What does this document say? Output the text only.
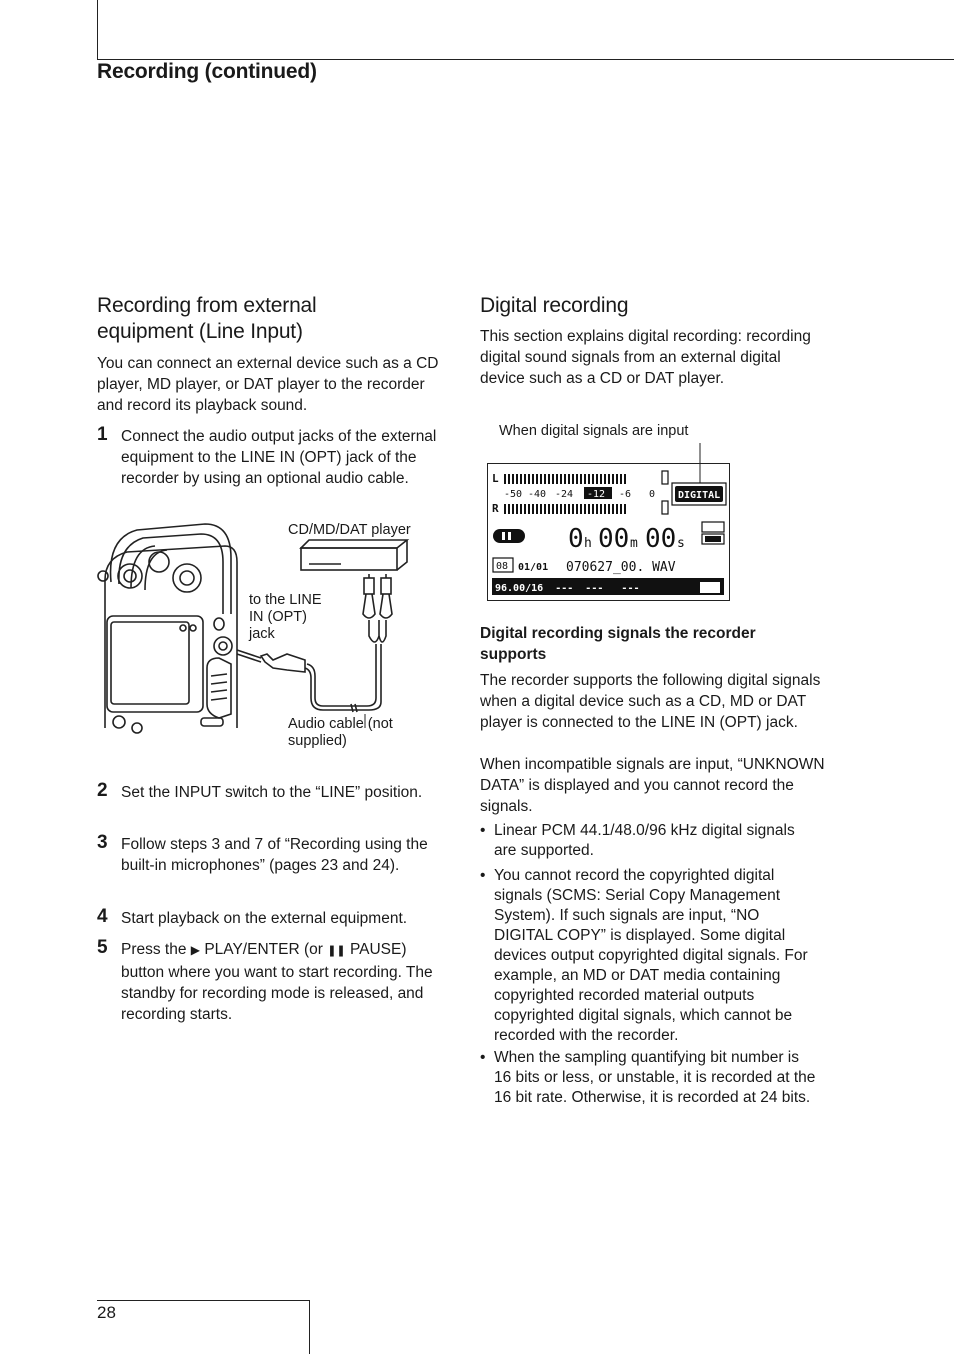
Recording (continued)
Recording from external
equipment (Line Input)

You can connect an external device such as a CD player, MD player, or DAT player to the recorder and record its playback sound.

1 Connect the audio output jacks of the external equipment to the LINE IN (OPT) jack of the recorder by using an optional audio cable.
CD/MD/DAT player
to the LINE
IN (OPT)
jack
Audio cable (not
supplied)
2 Set the INPUT switch to the “LINE” position.
3 Follow steps 3 and 7 of “Recording using the built-in microphones” (pages 23 and 24).
4 Start playback on the external equipment.
5 Press the ▶ PLAY/ENTER (or ❚❚ PAUSE) button where you want to start recording. The standby for recording mode is released, and recording starts.
Digital recording

This section explains digital recording: recording digital sound signals from an external digital device such as a CD or DAT player.

When digital signals are input
L
R
-50 -40 -24 -12 -6 0 DIGITAL
0 h 00 m 00 s
08 01/01 070627_00. WAV
96.00/16  ---  ---   ---

Digital recording signals the recorder supports

The recorder supports the following digital signals when a digital device such as a CD, MD or DAT player is connected to the LINE IN (OPT) jack.

When incompatible signals are input, “UNKNOWN DATA” is displayed and you cannot record the signals.

• Linear PCM 44.1/48.0/96 kHz digital signals are supported.
• You cannot record the copyrighted digital signals (SCMS: Serial Copy Management System). If such signals are input, “NO DIGITAL COPY” is displayed. Some digital devices output copyrighted digital signals. For example, an MD or DAT media containing copyrighted recorded material outputs copyrighted digital signals, which cannot be recorded with the recorder.
• When the sampling quantifying bit number is 16 bits or less, or unstable, it is recorded at the 16 bit rate. Otherwise, it is recorded at 24 bits.
28
